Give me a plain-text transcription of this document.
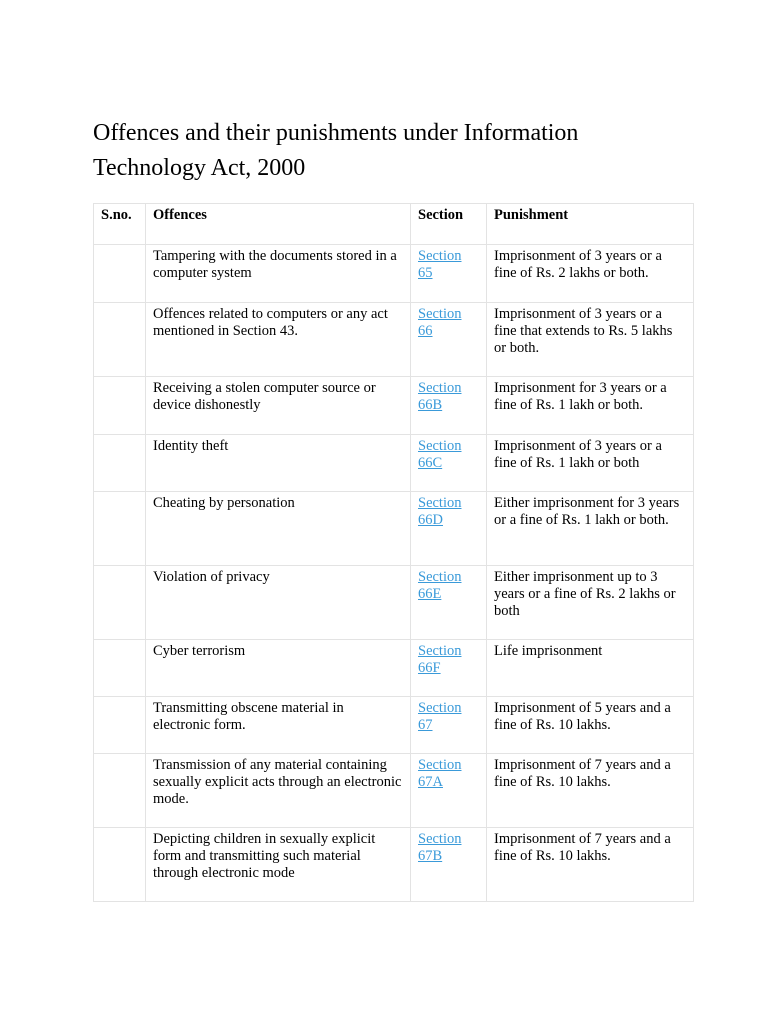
Offences and their punishments under Information Technology Act, 2000
S.no.	Offences	Section	Punishment
	Tampering with the documents stored in a computer system	Section 65	Imprisonment of 3 years or a fine of Rs. 2 lakhs or both.
	Offences related to computers or any act mentioned in Section 43.	Section 66	Imprisonment of 3 years or a fine that extends to Rs. 5 lakhs or both.
	Receiving a stolen computer source or device dishonestly	Section 66B	Imprisonment for 3 years or a fine of Rs. 1 lakh or both.
	Identity theft	Section 66C	Imprisonment of 3 years or a fine of Rs. 1 lakh or both
	Cheating by personation	Section 66D	Either imprisonment for 3 years or a fine of Rs. 1 lakh or both.
	Violation of privacy	Section 66E	Either imprisonment up to 3 years or a fine of Rs. 2 lakhs or both
	Cyber terrorism	Section 66F	Life imprisonment
	Transmitting obscene material in electronic form.	Section 67	Imprisonment of 5 years and a fine of Rs. 10 lakhs.
	Transmission of any material containing sexually explicit acts through an electronic mode.	Section 67A	Imprisonment of 7 years and a fine of Rs. 10 lakhs.
	Depicting children in sexually explicit form and transmitting such material through electronic mode	Section 67B	Imprisonment of 7 years and a fine of Rs. 10 lakhs.
